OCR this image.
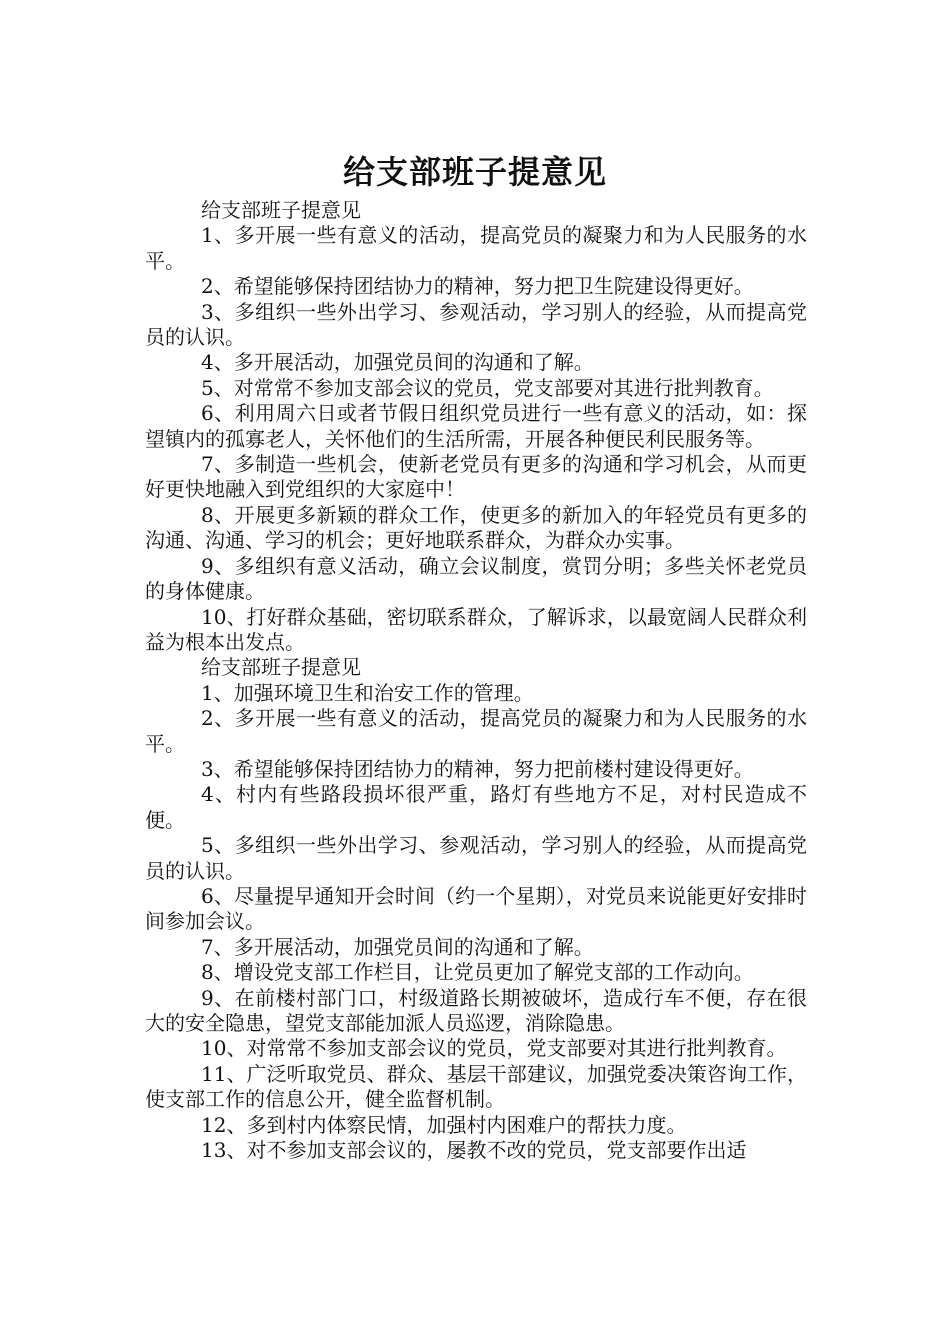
给支部班子提意见

给支部班子提意见

1、多开展一些有意义的活动，提高党员的凝聚力和为人民服务的水平。

2、希望能够保持团结协力的精神，努力把卫生院建设得更好。

3、多组织一些外出学习、参观活动，学习别人的经验，从而提高党员的认识。

4、多开展活动，加强党员间的沟通和了解。

5、对常常不参加支部会议的党员，党支部要对其进行批判教育。

6、利用周六日或者节假日组织党员进行一些有意义的活动，如：探望镇内的孤寡老人，关怀他们的生活所需，开展各种便民利民服务等。

7、多制造一些机会，使新老党员有更多的沟通和学习机会，从而更好更快地融入到党组织的大家庭中！

8、开展更多新颖的群众工作，使更多的新加入的年轻党员有更多的沟通、沟通、学习的机会；更好地联系群众，为群众办实事。

9、多组织有意义活动，确立会议制度，赏罚分明；多些关怀老党员的身体健康。

10、打好群众基础，密切联系群众，了解诉求，以最宽阔人民群众利益为根本出发点。

给支部班子提意见

1、加强环境卫生和治安工作的管理。

2、多开展一些有意义的活动，提高党员的凝聚力和为人民服务的水平。

3、希望能够保持团结协力的精神，努力把前楼村建设得更好。

4、村内有些路段损坏很严重，路灯有些地方不足，对村民造成不便。

5、多组织一些外出学习、参观活动，学习别人的经验，从而提高党员的认识。

6、尽量提早通知开会时间（约一个星期），对党员来说能更好安排时间参加会议。

7、多开展活动，加强党员间的沟通和了解。

8、增设党支部工作栏目，让党员更加了解党支部的工作动向。

9、在前楼村部门口，村级道路长期被破坏，造成行车不便，存在很大的安全隐患，望党支部能加派人员巡逻，消除隐患。

10、对常常不参加支部会议的党员，党支部要对其进行批判教育。

11、广泛听取党员、群众、基层干部建议，加强党委决策咨询工作，使支部工作的信息公开，健全监督机制。

12、多到村内体察民情，加强村内困难户的帮扶力度。

13、对不参加支部会议的，屡教不改的党员，党支部要作出适
